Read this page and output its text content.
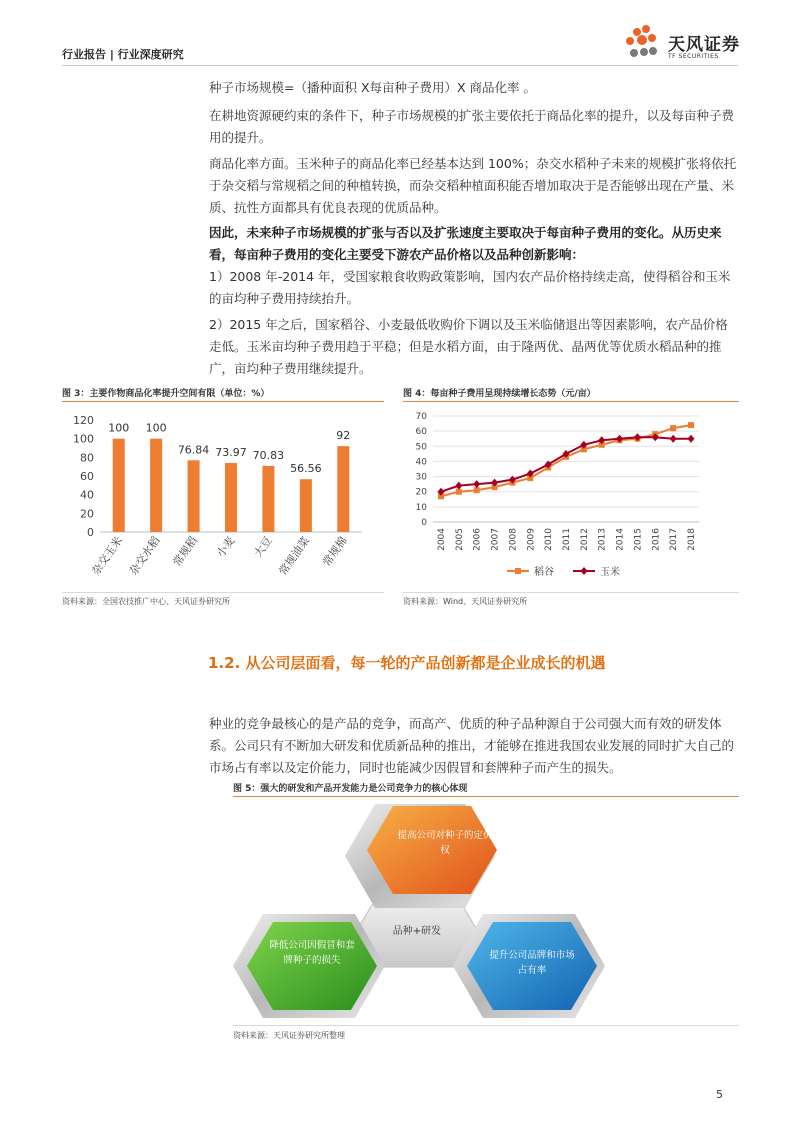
行业报告 | 行业深度研究	天风证券
TF SECURITIES

种子市场规模=（播种面积 X每亩种子费用）X 商品化率 。

在耕地资源硬约束的条件下，种子市场规模的扩张主要依托于商品化率的提升，以及每亩种子费用的提升。

商品化率方面。玉米种子的商品化率已经基本达到 100%；杂交水稻种子未来的规模扩张将依托于杂交稻与常规稻之间的种植转换，而杂交稻种植面积能否增加取决于是否能够出现在产量、米质、抗性方面都具有优良表现的优质品种。

因此，未来种子市场规模的扩张与否以及扩张速度主要取决于每亩种子费用的变化。从历史来看，每亩种子费用的变化主要受下游农产品价格以及品种创新影响：

1）2008 年-2014 年，受国家粮食收购政策影响，国内农产品价格持续走高，使得稻谷和玉米的亩均种子费用持续抬升。

2）2015 年之后，国家稻谷、小麦最低收购价下调以及玉米临储退出等因素影响，农产品价格走低。玉米亩均种子费用趋于平稳；但是水稻方面，由于隆两优、晶两优等优质水稻品种的推广，亩均种子费用继续提升。

图 3：主要作物商品化率提升空间有限（单位：%）
0
20
40
60
80
100
120
100
杂交玉米
100
杂交水稻
76.84
常规稻
73.97
小麦
70.83
大豆
56.56
常规油菜
92
常规棉
资料来源：全国农技推广中心、天风证券研究所
图 4：每亩种子费用呈现持续增长态势（元/亩）
0
10
20
30
40
50
60
70
2004 2005 2006 2007 2008 2009 2010 2011 2012 2013 2014 2015 2016 2017 2018
稻谷	玉米
资料来源：Wind、天风证券研究所
1.2. 从公司层面看，每一轮的产品创新都是企业成长的机遇

种业的竞争最核心的是产品的竞争，而高产、优质的种子品种源自于公司强大而有效的研发体系。公司只有不断加大研发和优质新品种的推出，才能够在推进我国农业发展的同时扩大自己的市场占有率以及定价能力，同时也能减少因假冒和套牌种子而产生的损失。

图 5：强大的研发和产品开发能力是公司竞争力的核心体现
品种+研发
提高公司对种子的定价权
降低公司因假冒和套牌种子的损失	提升公司品牌和市场占有率
资料来源：天风证券研究所整理
5
